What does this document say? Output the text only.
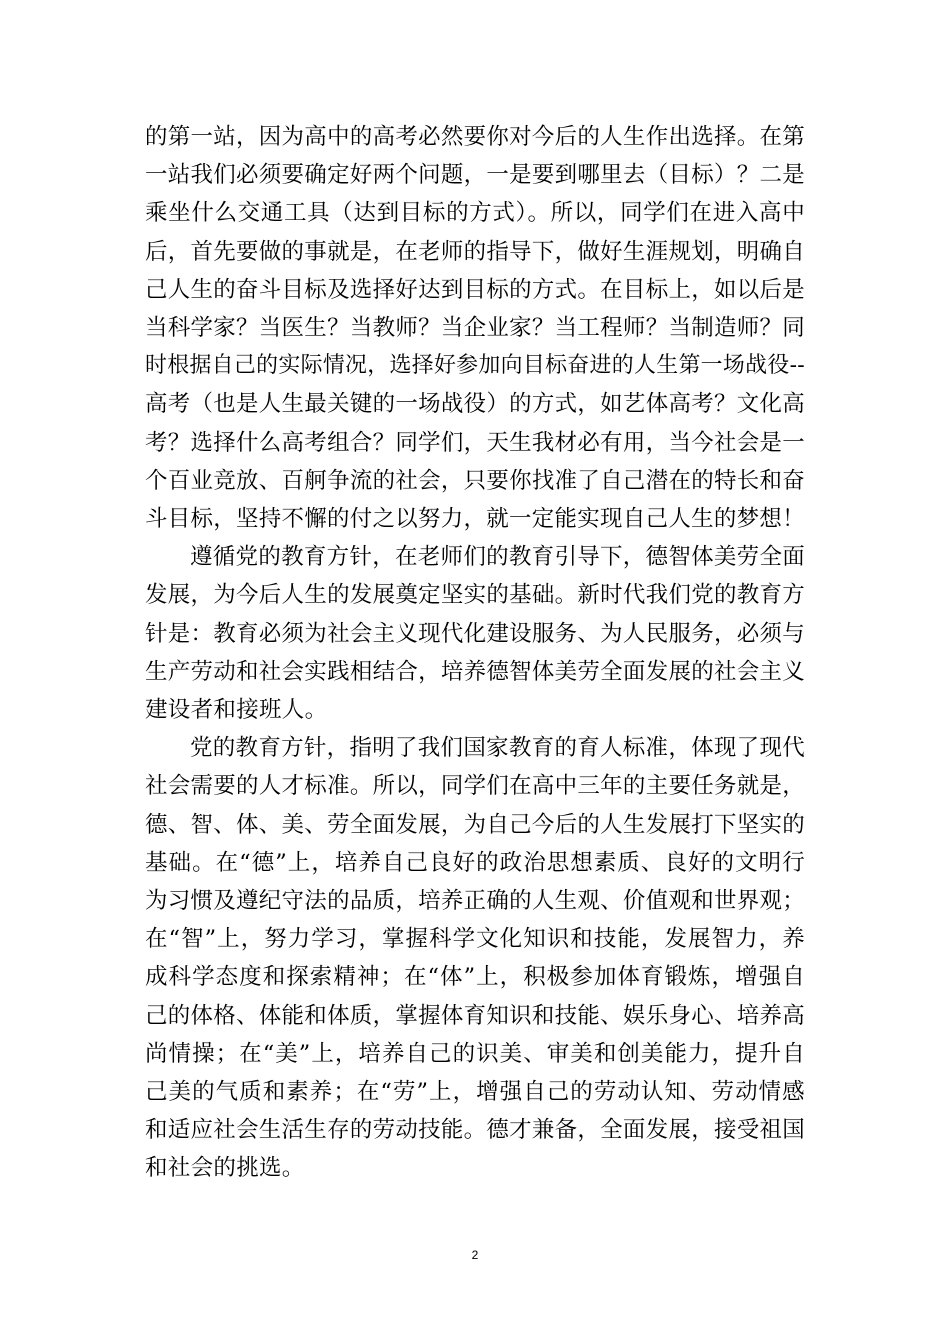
的第一站，因为高中的高考必然要你对今后的人生作出选择。在第
一站我们必须要确定好两个问题，一是要到哪里去（目标）？二是
乘坐什么交通工具（达到目标的方式）。所以，同学们在进入高中
后，首先要做的事就是，在老师的指导下，做好生涯规划，明确自
己人生的奋斗目标及选择好达到目标的方式。在目标上，如以后是
当科学家？当医生？当教师？当企业家？当工程师？当制造师？同
时根据自己的实际情况，选择好参加向目标奋进的人生第一场战役--
高考（也是人生最关键的一场战役）的方式，如艺体高考？文化高
考？选择什么高考组合？同学们，天生我材必有用，当今社会是一
个百业竞放、百舸争流的社会，只要你找准了自己潜在的特长和奋
斗目标，坚持不懈的付之以努力，就一定能实现自己人生的梦想！
遵循党的教育方针，在老师们的教育引导下，德智体美劳全面
发展，为今后人生的发展奠定坚实的基础。新时代我们党的教育方
针是：教育必须为社会主义现代化建设服务、为人民服务，必须与
生产劳动和社会实践相结合，培养德智体美劳全面发展的社会主义
建设者和接班人。
党的教育方针，指明了我们国家教育的育人标准，体现了现代
社会需要的人才标准。所以，同学们在高中三年的主要任务就是，
德、智、体、美、劳全面发展，为自己今后的人生发展打下坚实的
基础。在“德”上，培养自己良好的政治思想素质、良好的文明行
为习惯及遵纪守法的品质，培养正确的人生观、价值观和世界观；
在“智”上，努力学习，掌握科学文化知识和技能，发展智力，养
成科学态度和探索精神；在“体”上，积极参加体育锻炼，增强自
己的体格、体能和体质，掌握体育知识和技能、娱乐身心、培养高
尚情操；在“美”上，培养自己的识美、审美和创美能力，提升自
己美的气质和素养；在“劳”上，增强自己的劳动认知、劳动情感
和适应社会生活生存的劳动技能。德才兼备，全面发展，接受祖国
和社会的挑选。
2
